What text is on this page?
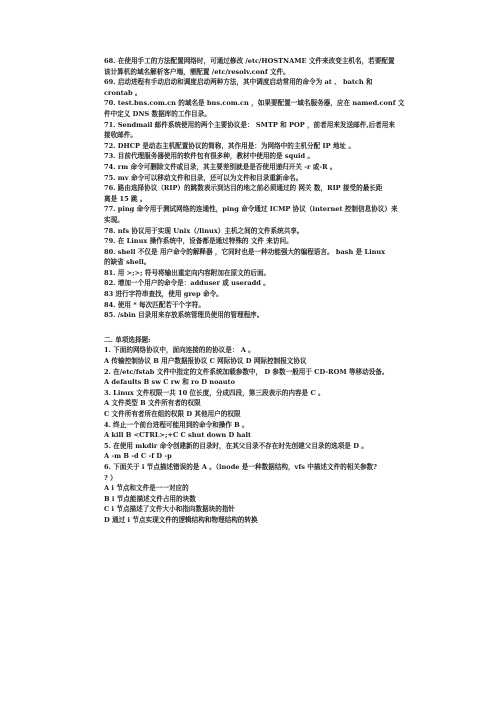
68. 在使用手工的方法配置网络时，可通过修改 /etc/HOSTNAME 文件来改变主机名，若要配置
该计算机的域名解析客户端，需配置 /etc/resolv.conf 文件。
69. 启动进程有手动启动和调度启动两种方法，其中调度启动常用的命令为 at 、 batch 和
crontab 。
70. test.bns.com.cn 的域名是 bns.com.cn ，如果要配置一域名服务器，应在 named.conf 文
件中定义 DNS 数据库的工作目录。
71. Sendmail 邮件系统使用的两个主要协议是： SMTP 和 POP ，前者用来发送邮件,后者用来
接收邮件。
72. DHCP 是动态主机配置协议的简称，其作用是：为网络中的主机分配 IP 地址 。
73. 目前代理服务器使用的软件包有很多种，教材中使用的是 squid 。
74. rm 命令可删除文件或目录，其主要差别就是是否使用递归开关 -r 或-R 。
75. mv 命令可以移动文件和目录，还可以为文件和目录重新命名。
76. 路由选择协议（RIP）的跳数表示到达目的地之前必须通过的 网关 数，RIP 接受的最长距
离是 15 跳 。
77. ping 命令用于测试网络的连通性，ping 命令通过 ICMP 协议（internet 控制信息协议）来
实现。
78. nfs 协议用于实现 Unix（/linux）主机之间的文件系统共享。
79. 在 Linux 操作系统中，设备都是通过特殊的 文件 来访问。
80. shell 不仅是 用户命令的解释器 ，它同时也是一种功能强大的编程语言。 bash 是 Linux
的缺省 shell。
81. 用 >;>; 符号将输出重定向内容附加在原文的后面。
82. 增加一个用户的命令是：adduser 或 useradd 。
83 进行字符串查找，使用 grep 命令。
84. 使用 * 每次匹配若干个字符。
85. /sbin 目录用来存放系统管理员使用的管理程序。
二. 单项选择题:
1. 下面的网络协议中，面向连接的的协议是： A 。
A 传输控制协议 B 用户数据报协议 C 网际协议 D 网际控制报文协议
2. 在/etc/fstab 文件中指定的文件系统加载参数中， D 参数一般用于 CD-ROM 等移动设备。
A defaults B sw C rw 和 ro D noauto
3. Linux 文件权限一共 10 位长度，分成四段，第三段表示的内容是 C 。
A 文件类型 B 文件所有者的权限
C 文件所有者所在组的权限 D 其他用户的权限
4. 终止一个前台进程可能用到的命令和操作 B 。
A kill B <CTRL>;+C C shut down D halt
5. 在使用 mkdir 命令创建新的目录时，在其父目录不存在时先创建父目录的选项是 D 。
A -m B -d C -f D -p
6. 下面关于 i 节点描述错误的是 A 。（inode 是一种数据结构，vfs 中描述文件的相关参数?
? ）
A i 节点和文件是一一对应的
B i 节点能描述文件占用的块数
C i 节点描述了文件大小和指向数据块的指针
D 通过 i 节点实现文件的逻辑结构和物理结构的转换
